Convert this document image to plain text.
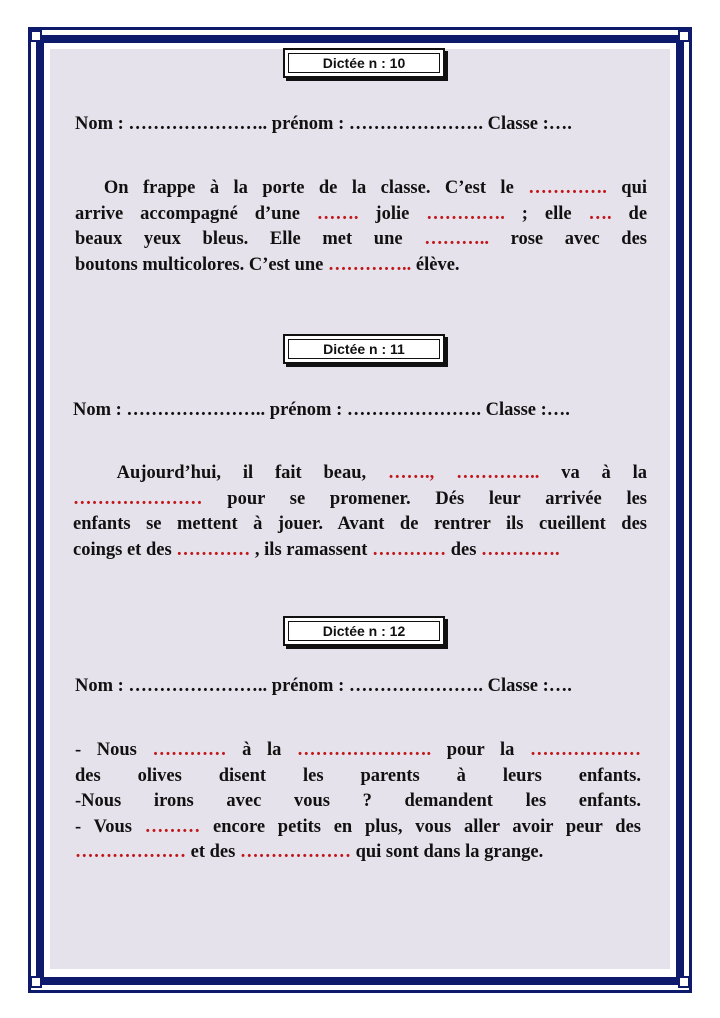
Dictée n : 10
Nom : ………………….. prénom : …………………. Classe :….
On frappe à la porte de la classe. C’est le …………. qui
arrive accompagné d’une ……. jolie …………. ; elle …. de
beaux yeux bleus. Elle met une ……….. rose avec des
boutons multicolores. C’est une ………….. élève.
Dictée n : 11
Nom : ………………….. prénom : …………………. Classe :….
Aujourd’hui, il fait beau, ……., ………….. va à la
………………… pour se promener. Dés leur arrivée les
enfants se mettent à jouer. Avant de rentrer ils cueillent des
coings et des ………… , ils ramassent ………… des ………….
Dictée n : 12
Nom : ………………….. prénom : …………………. Classe :….
- Nous ………… à la …………………. pour la ………………
des olives disent les parents à leurs enfants.
-Nous irons avec vous ? demandent les enfants.
- Vous ……… encore petits en plus, vous aller avoir peur des
……………… et des ……………… qui sont dans la grange.
